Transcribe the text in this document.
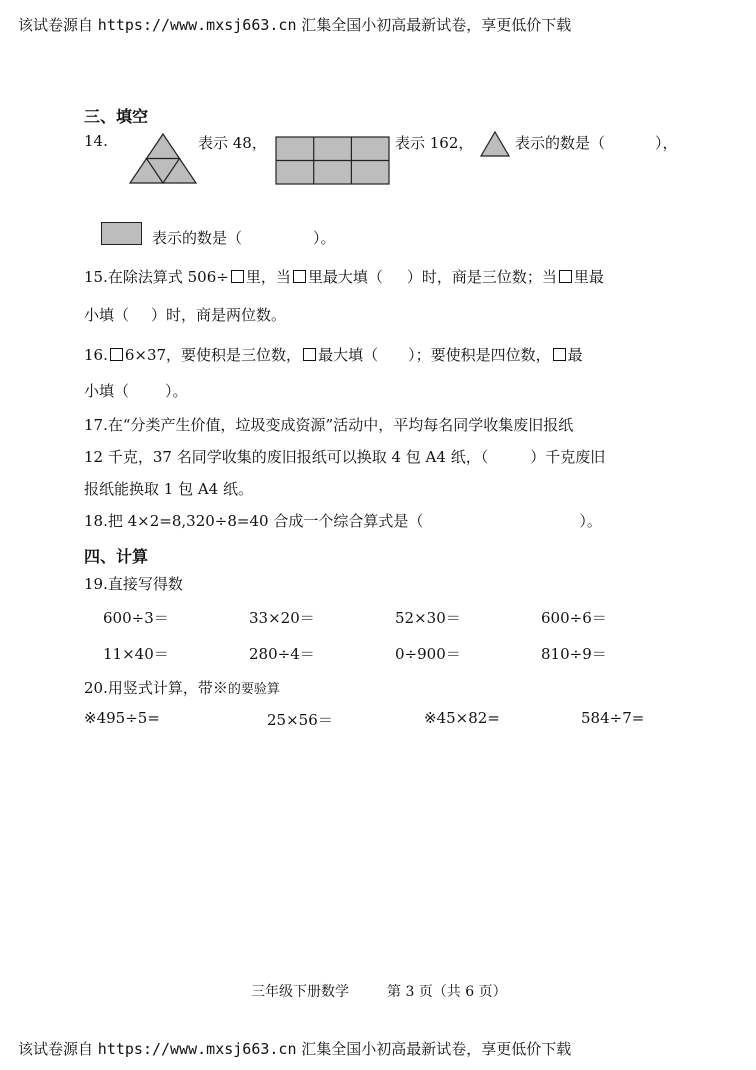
该试卷源自 https://www.mxsj663.cn 汇集全国小初高最新试卷，享更低价下载
三、填空
14.	表示 48，	表示 162，	表示的数是（	），
表示的数是（	）。
15.在除法算式 506÷ 里，当 里最大填（ ）时，商是三位数；当 里最
小填（ ）时，商是两位数。
16. 6×37，要使积是三位数， 最大填（ ）；要使积是四位数， 最
小填（ ）。
17.在“分类产生价值，垃圾变成资源”活动中，平均每名同学收集废旧报纸
12 千克，37 名同学收集的废旧报纸可以换取 4 包 A4 纸，（	）千克废旧
报纸能换取 1 包 A4 纸。
18.把 4×2=8,320÷8=40 合成一个综合算式是（	）。
四、计算
19.直接写得数
600÷3＝	33×20＝	52×30＝	600÷6＝
11×40＝	280÷4＝	0÷900＝	810÷9＝
20.用竖式计算，带※的要验算
※495÷5=	25×56＝	※45×82=	584÷7=
三年级下册数学	第 3 页（共 6 页）
该试卷源自 https://www.mxsj663.cn 汇集全国小初高最新试卷，享更低价下载
